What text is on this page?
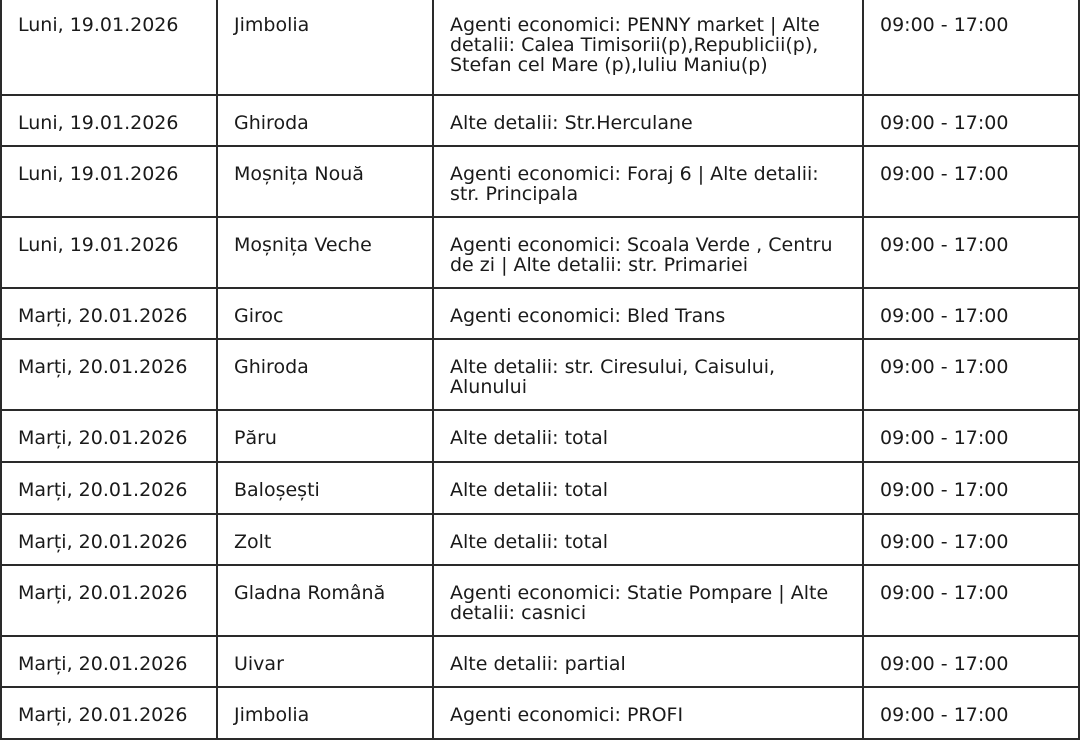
Luni, 19.01.2026	Jimbolia	Agenti economici: PENNY market | Alte detalii: Calea Timisorii(p),Republicii(p), Stefan cel Mare (p),Iuliu Maniu(p)	09:00 - 17:00
Luni, 19.01.2026	Ghiroda	Alte detalii: Str.Herculane	09:00 - 17:00
Luni, 19.01.2026	Moșnița Nouă	Agenti economici: Foraj 6 | Alte detalii: str. Principala	09:00 - 17:00
Luni, 19.01.2026	Moșnița Veche	Agenti economici: Scoala Verde , Centru de zi | Alte detalii: str. Primariei	09:00 - 17:00
Marți, 20.01.2026	Giroc	Agenti economici: Bled Trans	09:00 - 17:00
Marți, 20.01.2026	Ghiroda	Alte detalii: str. Ciresului, Caisului, Alunului	09:00 - 17:00
Marți, 20.01.2026	Păru	Alte detalii: total	09:00 - 17:00
Marți, 20.01.2026	Baloșești	Alte detalii: total	09:00 - 17:00
Marți, 20.01.2026	Zolt	Alte detalii: total	09:00 - 17:00
Marți, 20.01.2026	Gladna Română	Agenti economici: Statie Pompare | Alte detalii: casnici	09:00 - 17:00
Marți, 20.01.2026	Uivar	Alte detalii: partial	09:00 - 17:00
Marți, 20.01.2026	Jimbolia	Agenti economici: PROFI	09:00 - 17:00
